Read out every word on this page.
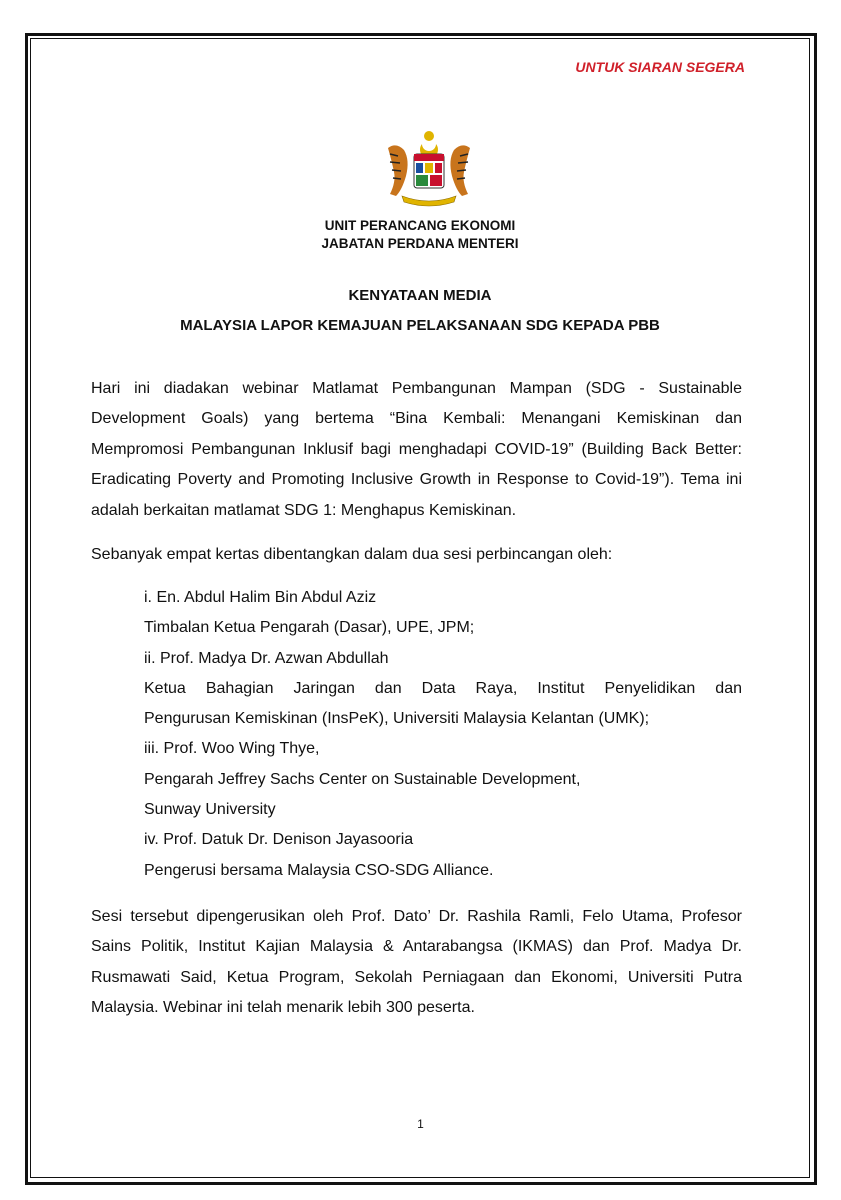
UNTUK SIARAN SEGERA
UNIT PERANCANG EKONOMI
JABATAN PERDANA MENTERI
KENYATAAN MEDIA
MALAYSIA LAPOR KEMAJUAN PELAKSANAAN SDG KEPADA PBB
Hari ini diadakan webinar Matlamat Pembangunan Mampan (SDG - Sustainable Development Goals) yang bertema “Bina Kembali: Menangani Kemiskinan dan Mempromosi Pembangunan Inklusif bagi menghadapi COVID-19” (Building Back Better: Eradicating Poverty and Promoting Inclusive Growth in Response to Covid-19”). Tema ini adalah berkaitan matlamat SDG 1: Menghapus Kemiskinan.
Sebanyak empat kertas dibentangkan dalam dua sesi perbincangan oleh:
i. En. Abdul Halim Bin Abdul Aziz
Timbalan Ketua Pengarah (Dasar), UPE, JPM;
ii. Prof. Madya Dr. Azwan Abdullah
Ketua Bahagian Jaringan dan Data Raya, Institut Penyelidikan dan
Pengurusan Kemiskinan (InsPeK), Universiti Malaysia Kelantan (UMK);
iii. Prof. Woo Wing Thye,
Pengarah Jeffrey Sachs Center on Sustainable Development,
Sunway University
iv. Prof. Datuk Dr. Denison Jayasooria
Pengerusi bersama Malaysia CSO-SDG Alliance.
Sesi tersebut dipengerusikan oleh Prof. Dato’ Dr. Rashila Ramli, Felo Utama, Profesor Sains Politik, Institut Kajian Malaysia & Antarabangsa (IKMAS) dan Prof. Madya Dr. Rusmawati Said, Ketua Program, Sekolah Perniagaan dan Ekonomi, Universiti Putra Malaysia. Webinar ini telah menarik lebih 300 peserta.
1
